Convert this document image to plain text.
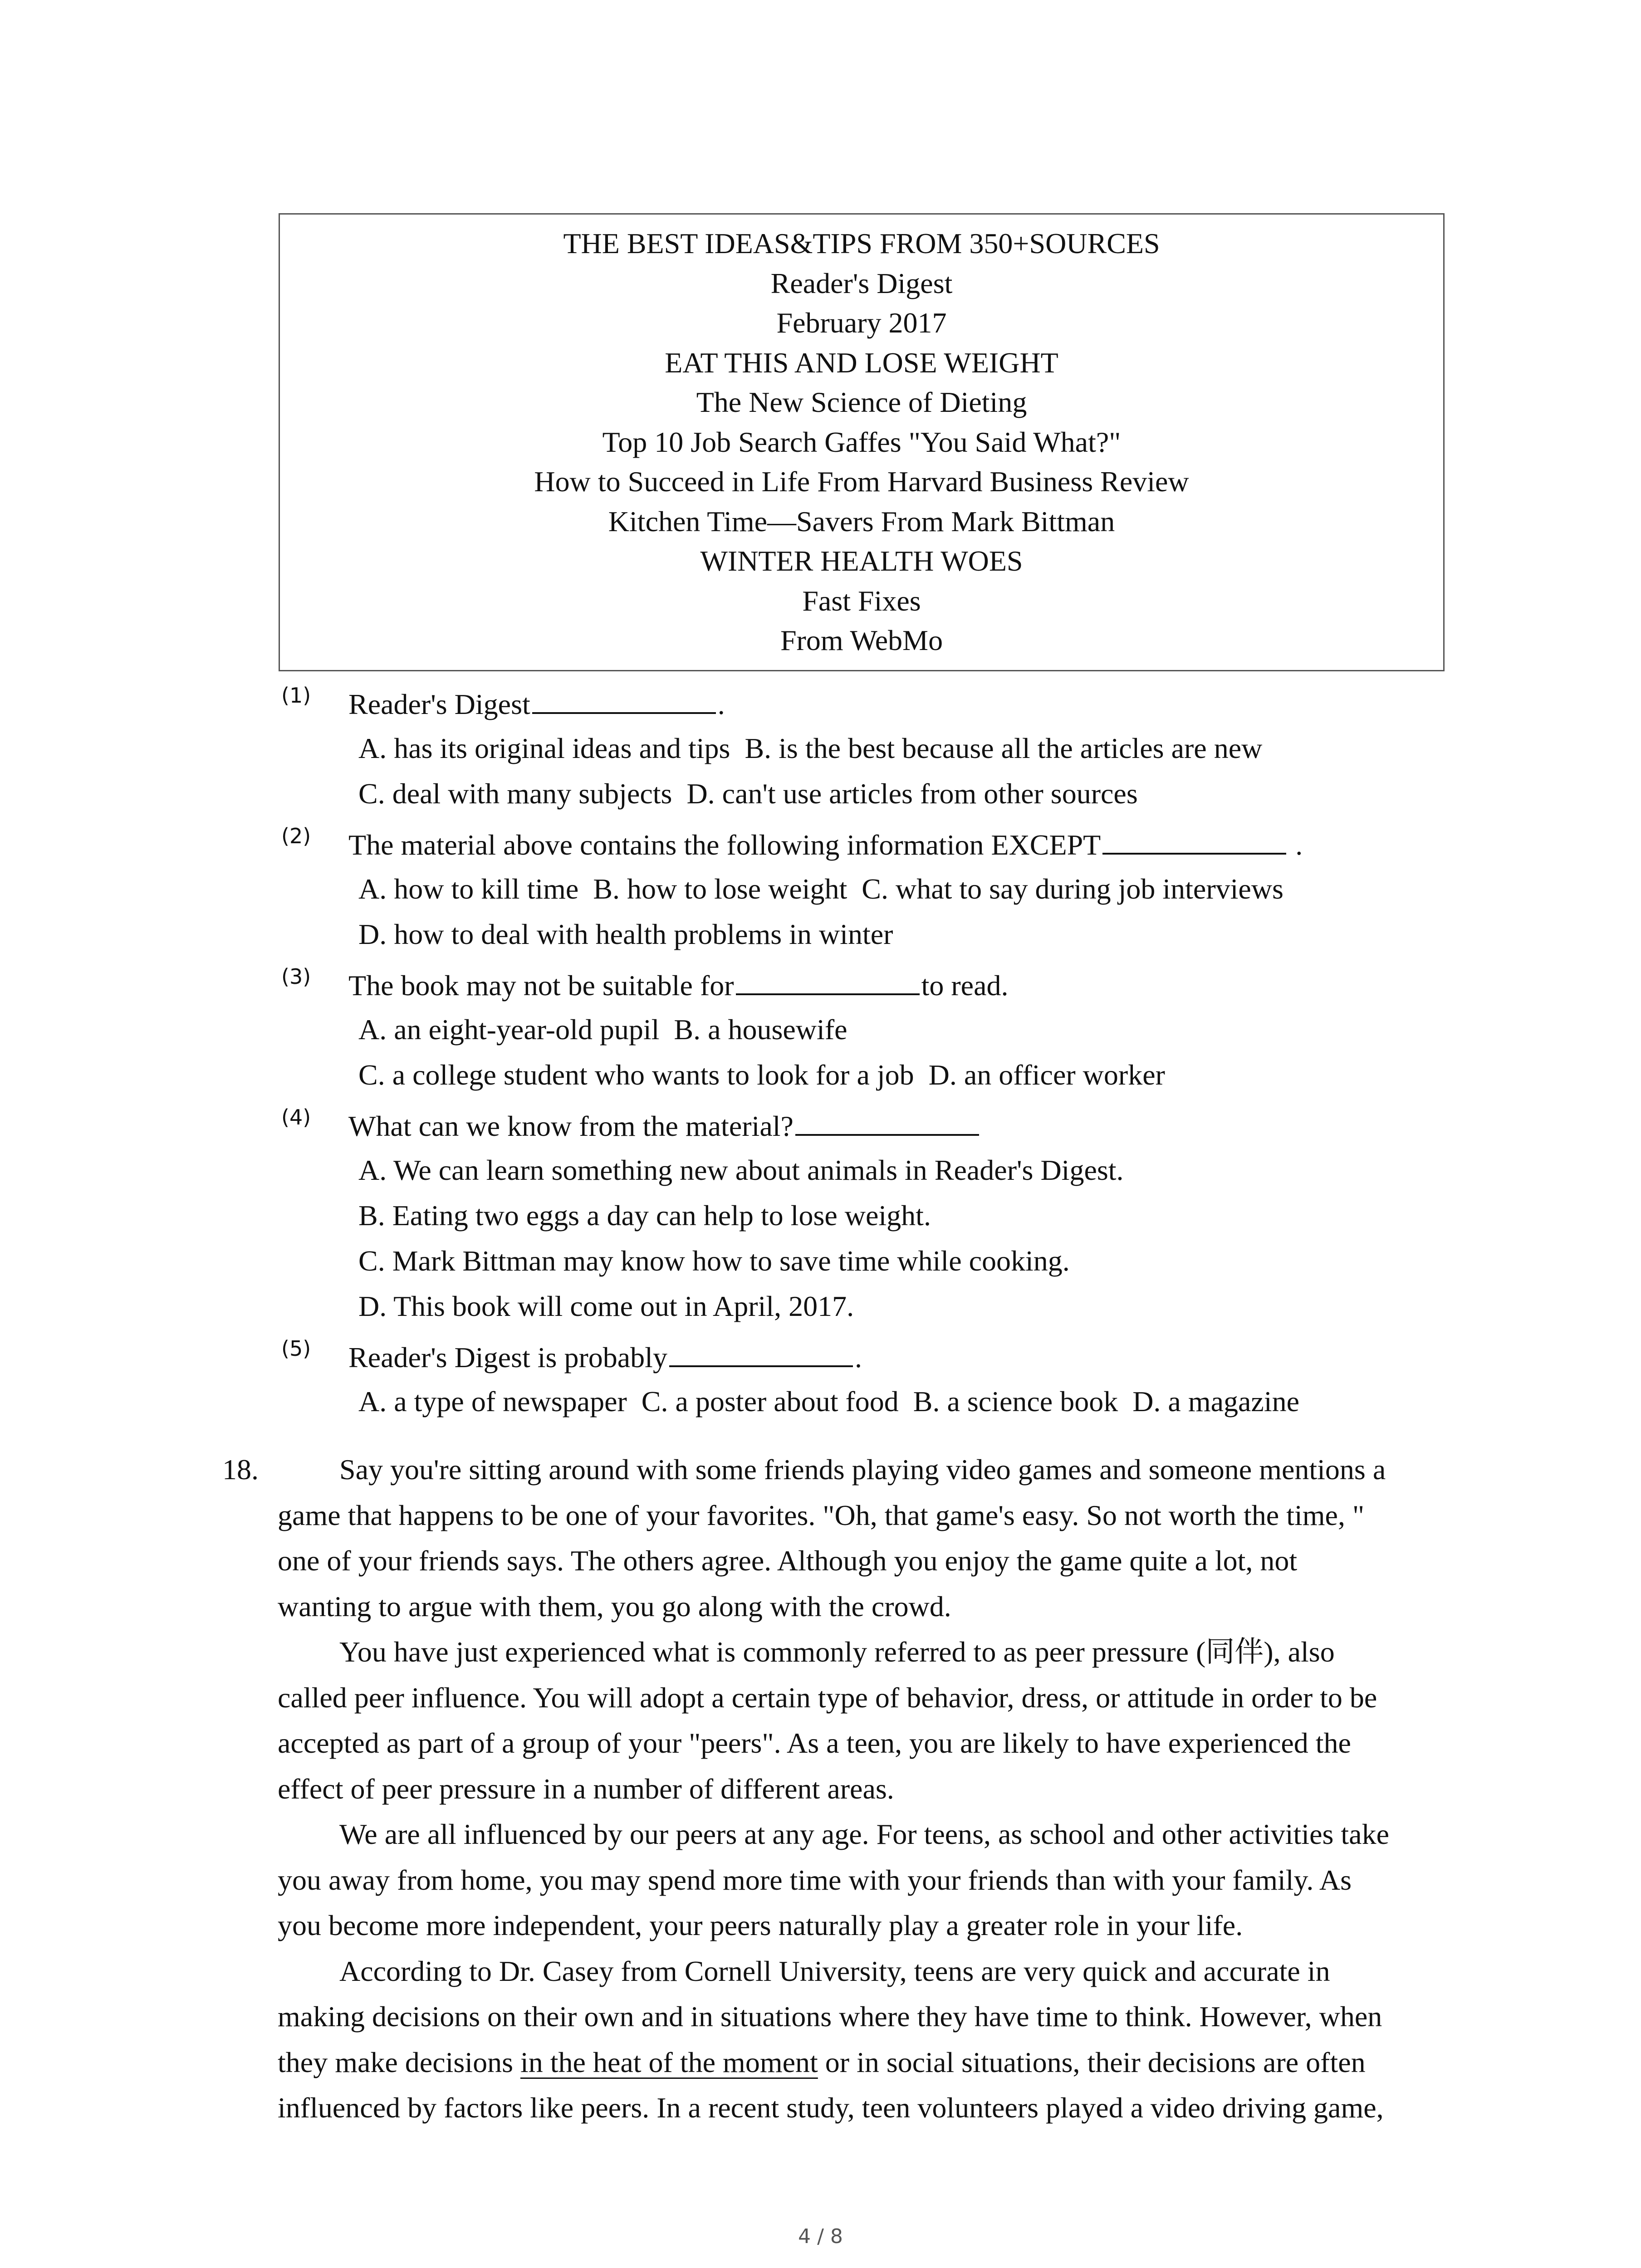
THE BEST IDEAS&TIPS FROM 350+SOURCES
Reader's Digest
February 2017
EAT THIS AND LOSE WEIGHT
The New Science of Dieting
Top 10 Job Search Gaffes "You Said What?"
How to Succeed in Life From Harvard Business Review
Kitchen Time—Savers From Mark Bittman
WINTER HEALTH WOES
Fast Fixes
From WebMo
(1) Reader's Digest	.
A. has its original ideas and tips B. is the best because all the articles are new
C. deal with many subjects D. can't use articles from other sources
(2) The material above contains the following information EXCEPT	.
A. how to kill time B. how to lose weight C. what to say during job interviews
D. how to deal with health problems in winter
(3) The book may not be suitable for	to read.
A. an eight-year-old pupil B. a housewife
C. a college student who wants to look for a job D. an officer worker
(4) What can we know from the material?
A. We can learn something new about animals in Reader's Digest.
B. Eating two eggs a day can help to lose weight.
C. Mark Bittman may know how to save time while cooking.
D. This book will come out in April, 2017.
(5) Reader's Digest is probably	.
A. a type of newspaper C. a poster about food B. a science book D. a magazine
18.	Say you're sitting around with some friends playing video games and someone mentions a
game that happens to be one of your favorites. "Oh, that game's easy. So not worth the time, "
one of your friends says. The others agree. Although you enjoy the game quite a lot, not
wanting to argue with them, you go along with the crowd.

You have just experienced what is commonly referred to as peer pressure (同伴), also
called peer influence. You will adopt a certain type of behavior, dress, or attitude in order to be
accepted as part of a group of your "peers". As a teen, you are likely to have experienced the
effect of peer pressure in a number of different areas.

We are all influenced by our peers at any age. For teens, as school and other activities take
you away from home, you may spend more time with your friends than with your family. As
you become more independent, your peers naturally play a greater role in your life.

According to Dr. Casey from Cornell University, teens are very quick and accurate in
making decisions on their own and in situations where they have time to think. However, when
they make decisions in the heat of the moment or in social situations, their decisions are often
influenced by factors like peers. In a recent study, teen volunteers played a video driving game,

4 / 8
